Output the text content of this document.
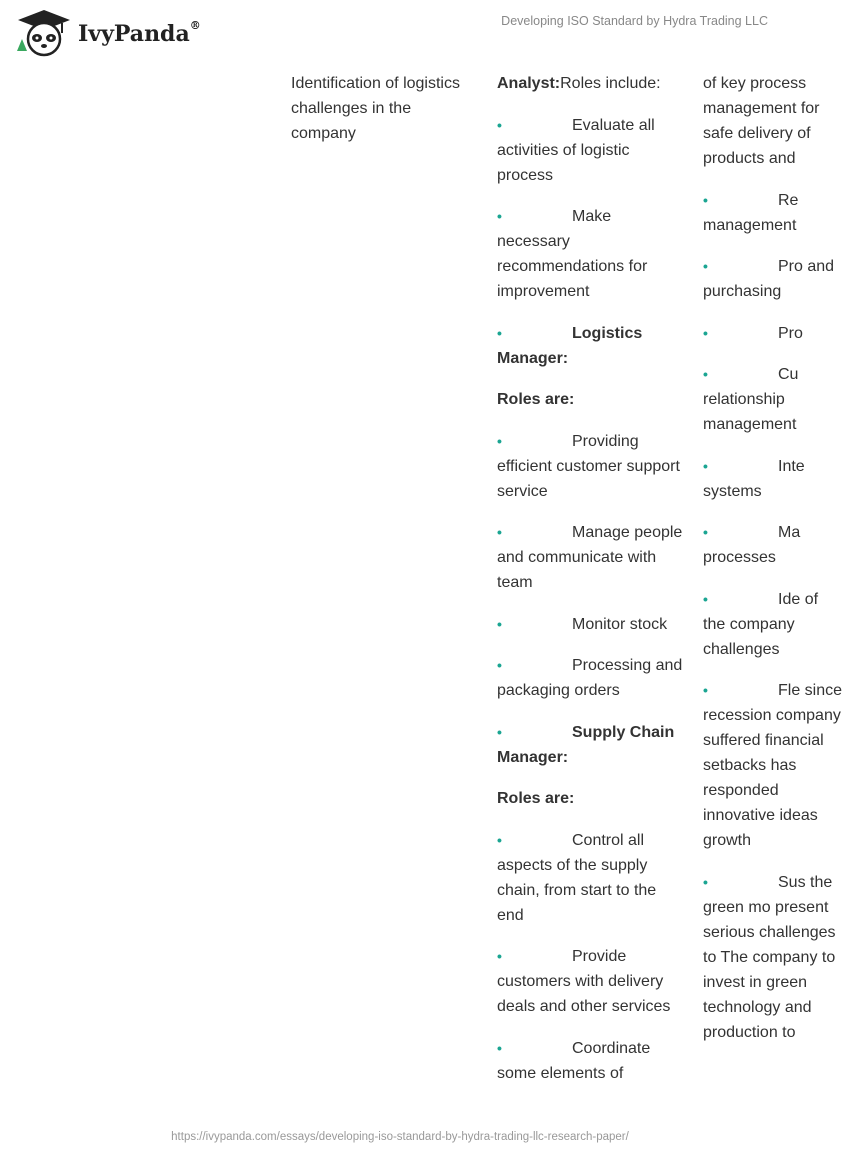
IvyPanda®	Developing ISO Standard by Hydra Trading LLC

Identification of logistics challenges in the company

Analyst:Roles include:

•	Evaluate all activities of logistic process

•	Make necessary recommendations for improvement

•	Logistics Manager:

Roles are:

•	Providing efficient customer support service

•	Manage people and communicate with team

•	Monitor stock

•	Processing and packaging orders

•	Supply Chain Manager:

Roles are:

•	Control all aspects of the supply chain, from start to the end

•	Provide customers with delivery deals and other services

•	Coordinate some elements of

of key process management for safe delivery of products and

•	Re management

•	Pro and purchasing

•	Pro

•	Cu relationship management

•	Inte systems

•	Ma processes

•	Ide of the company challenges

•	Fle since recession company suffered financial setbacks has responded innovative ideas growth

•	Sus the green mo present serious challenges to The company to invest in green technology and production to

https://ivypanda.com/essays/developing-iso-standard-by-hydra-trading-llc-research-paper/
